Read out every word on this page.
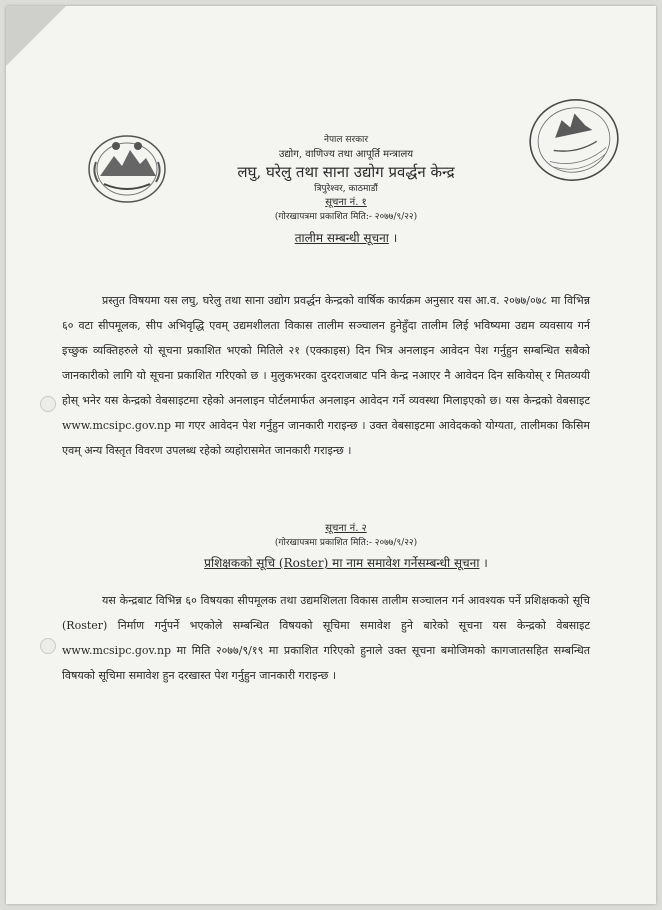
नेपाल सरकार
उद्योग, वाणिज्य तथा आपूर्ति मन्त्रालय
लघु, घरेलु तथा साना उद्योग प्रवर्द्धन केन्द्र
त्रिपुरेश्वर, काठमाडौं
सूचना नं. १
(गोरखापत्रमा प्रकाशित मिति:- २०७७/९/२२)
तालीम सम्बन्धी सूचना ।
प्रस्तुत विषयमा यस लघु, घरेलु तथा साना उद्योग प्रवर्द्धन केन्द्रको वार्षिक कार्यक्रम अनुसार यस आ.व. २०७७/०७८ मा विभिन्न ६० वटा सीपमूलक, सीप अभिवृद्धि एवम् उद्यमशीलता विकास तालीम सञ्चालन हुनेहुँदा तालीम लिई भविष्यमा उद्यम व्यवसाय गर्न इच्छुक व्यक्तिहरुले यो सूचना प्रकाशित भएको मितिले २१ (एक्काइस) दिन भित्र अनलाइन आवेदन पेश गर्नुहुन सम्बन्धित सबैको जानकारीको लागि यो सूचना प्रकाशित गरिएको छ । मुलुकभरका दुरदराजबाट पनि केन्द्र नआएर नै आवेदन दिन सकियोस् र मितव्ययी होस् भनेर यस केन्द्रको वेबसाइटमा रहेको अनलाइन पोर्टलमार्फत अनलाइन आवेदन गर्ने व्यवस्था मिलाइएको छ। यस केन्द्रको वेबसाइट www.mcsipc.gov.np मा गएर आवेदन पेश गर्नुहुन जानकारी गराइन्छ । उक्त वेबसाइटमा आवेदकको योग्यता, तालीमका किसिम एवम् अन्य विस्तृत विवरण उपलब्ध रहेको व्यहोरासमेत जानकारी गराइन्छ ।
सूचना नं. २
(गोरखापत्रमा प्रकाशित मिति:- २०७७/९/२२)
प्रशिक्षकको सूचि (Roster) मा नाम समावेश गर्नेसम्बन्धी सूचना ।
यस केन्द्रबाट विभिन्न ६० विषयका सीपमूलक तथा उद्यमशिलता विकास तालीम सञ्चालन गर्न आवश्यक पर्ने प्रशिक्षकको सूचि (Roster) निर्माण गर्नुपर्ने भएकोले सम्बन्धित विषयको सूचिमा समावेश हुने बारेको सूचना यस केन्द्रको वेबसाइट www.mcsipc.gov.np मा मिति २०७७/९/१९ मा प्रकाशित गरिएको हुनाले उक्त सूचना बमोजिमको कागजातसहित सम्बन्धित विषयको सूचिमा समावेश हुन दरखास्त पेश गर्नुहुन जानकारी गराइन्छ ।
